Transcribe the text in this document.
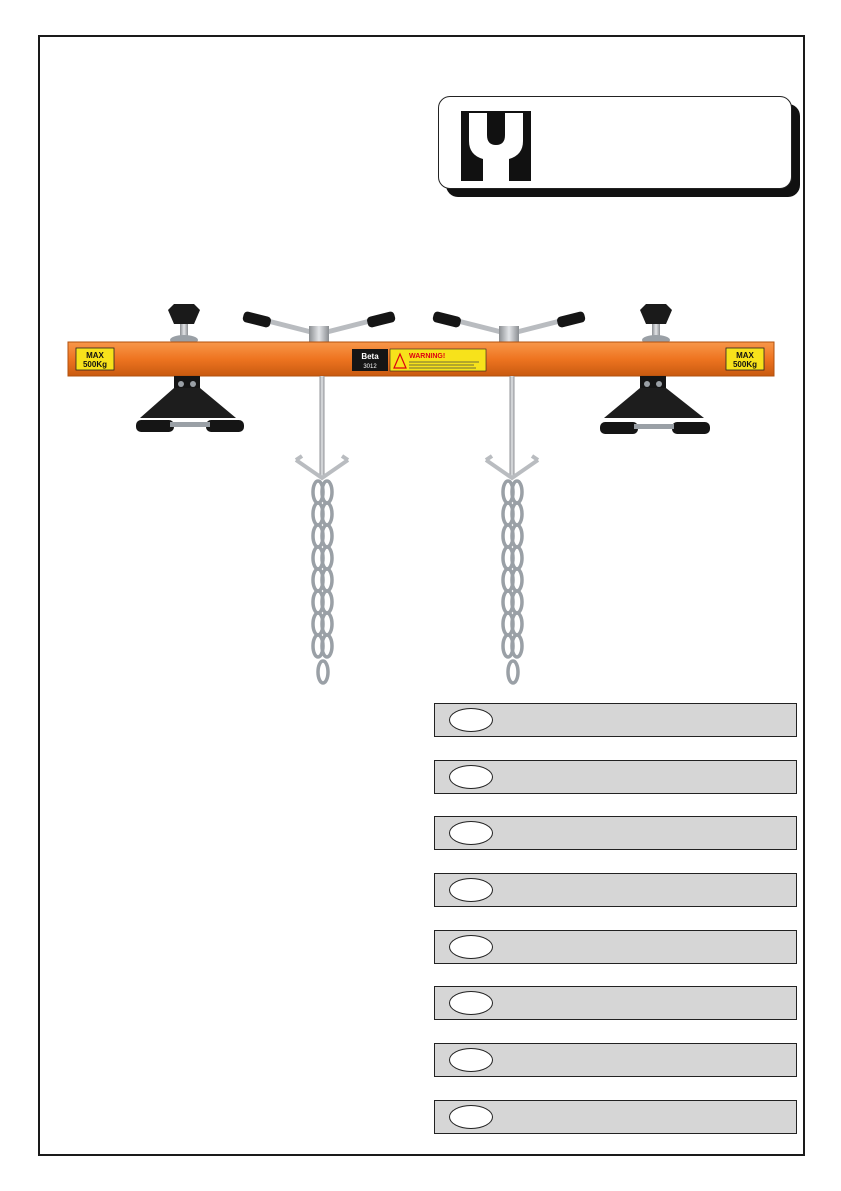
MAX
500Kg
MAX
500Kg
Beta
3012
WARNING!
